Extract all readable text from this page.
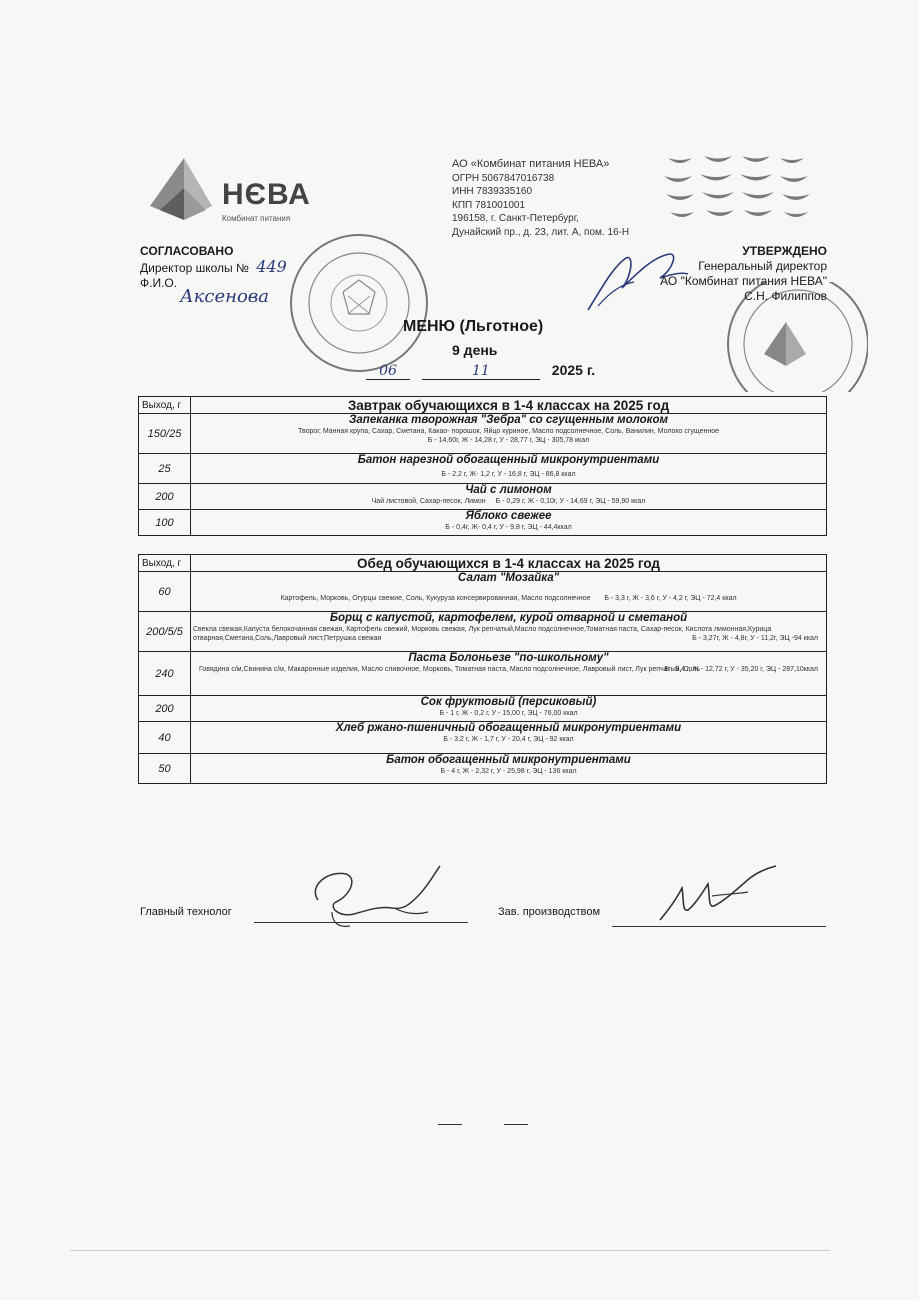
НЄВА
Комбинат питания
АО «Комбинат питания НЕВА»
ОГРН 5067847016738
ИНН 7839335160
КПП 781001001
196158, г. Санкт-Петербург,
Дунайский пр., д. 23, лит. А, пом. 16-Н
СОГЛАСОВАНО
Директор школы № 449
Ф.И.О.
Аксенова
УТВЕРЖДЕНО
Генеральный директор
АО "Комбинат питания НЕВА"
С.Н. Филиппов
МЕНЮ (Льготное)
9 день
06	11	2025 г.
Выход, г	Завтрак обучающихся в 1-4 классах на 2025 год
150/25	Запеканка творожная "Зебра" со сгущенным молоком
Творог, Манная крупа, Сахар, Сметана, Какао- порошок, Яйцо куриное, Масло подсолнечное, Соль, Ванилин, Молоко сгущенное
Б - 14,60г, Ж - 14,28 г, У - 28,77 г, ЭЦ - 305,78 ккал

25	Батон нарезной обогащенный микронутриентами
Б - 2,2 г, Ж- 1,2 г, У - 16,8 г, ЭЦ - 86,8 ккал

200	Чай с лимоном
Чай листовой, Сахар-песок, Лимон Б - 0,29 г, Ж - 0,10г, У - 14,69 г, ЭЦ - 59,90 ккал

100	Яблоко свежее
Б - 0,4г, Ж- 0,4 г, У - 9,8 г, ЭЦ - 44,4ккал
Выход, г	Обед обучающихся в 1-4 классах на 2025 год
60	Салат "Мозайка"
Картофель, Морковь, Огурцы свежие, Соль, Кукуруза консервированная, Масло подсолнечное Б - 3,3 г, Ж - 3,6 г, У - 4,2 г, ЭЦ - 72,4 ккал

200/5/5	Борщ с капустой, картофелем, курой отварной и сметаной
Свекла свежая,Капуста белокочанная свежая, Картофель свежий, Морковь свежая, Лук репчатый,Масло подсолнечное,Томатная паста, Сахар-песок, Кислота лимонная,Курица отварная,Сметана,Соль,Лавровый лист,Петрушка свежая Б - 3,27г, Ж - 4,8г, У - 11,2г, ЭЦ -94 ккал

240	Паста Болоньезе "по-школьному"
Говядина с/м,Свинина с/м, Макаронные изделия, Масло сливочное, Морковь, Томатная паста, Масло подсолнечное, Лавровый лист, Лук репчатый, Соль
Б - 9,4 г, Ж - 12,72 г, У - 35,20 г, ЭЦ - 287,10ккал

200	Сок фруктовый (персиковый)
Б - 1 г, Ж - 0,2 г, У - 15,00 г, ЭЦ - 76,00 ккал

40	Хлеб ржано-пшеничный обогащенный микронутриентами
Б - 3,2 г, Ж - 1,7 г, У - 20,4 г, ЭЦ - 92 ккал

50	Батон обогащенный микронутриентами
Б - 4 г, Ж - 2,32 г, У - 25,98 г, ЭЦ - 136 ккал
Главный технолог	Зав. производством
